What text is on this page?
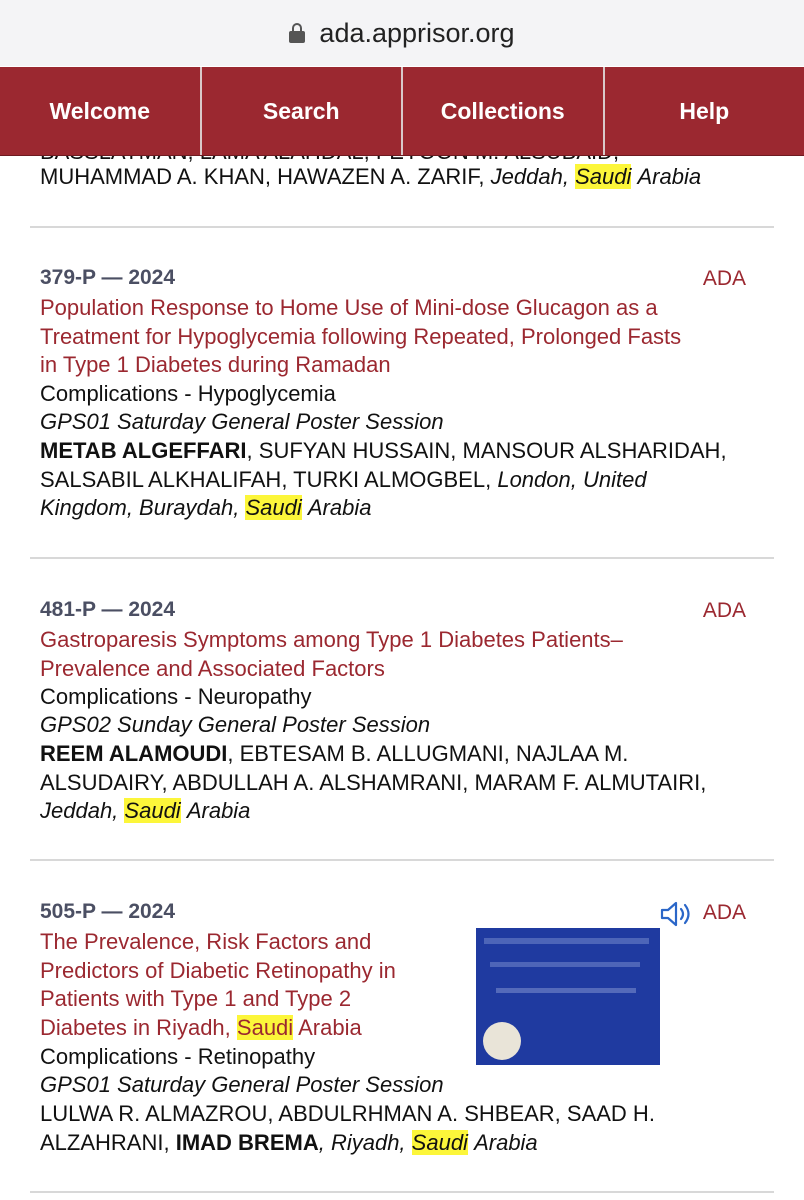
ada.apprisor.org
Welcome	Search	Collections	Help
MUHAMMAD A. KHAN, HAWAZEN A. ZARIF, Jeddah, Saudi Arabia
379-P — 2024	ADA
Population Response to Home Use of Mini-dose Glucagon as a
Treatment for Hypoglycemia following Repeated, Prolonged Fasts
in Type 1 Diabetes during Ramadan
Complications - Hypoglycemia
GPS01 Saturday General Poster Session
METAB ALGEFFARI, SUFYAN HUSSAIN, MANSOUR ALSHARIDAH,
SALSABIL ALKHALIFAH, TURKI ALMOGBEL, London, United
Kingdom, Buraydah, Saudi Arabia
481-P — 2024	ADA
Gastroparesis Symptoms among Type 1 Diabetes Patients–
Prevalence and Associated Factors
Complications - Neuropathy
GPS02 Sunday General Poster Session
REEM ALAMOUDI, EBTESAM B. ALLUGMANI, NAJLAA M.
ALSUDAIRY, ABDULLAH A. ALSHAMRANI, MARAM F. ALMUTAIRI,
Jeddah, Saudi Arabia
505-P — 2024	ADA
The Prevalence, Risk Factors and
Predictors of Diabetic Retinopathy in
Patients with Type 1 and Type 2
Diabetes in Riyadh, Saudi Arabia
Complications - Retinopathy
GPS01 Saturday General Poster Session
LULWA R. ALMAZROU, ABDULRHMAN A. SHBEAR, SAAD H.
ALZAHRANI, IMAD BREMA, Riyadh, Saudi Arabia
